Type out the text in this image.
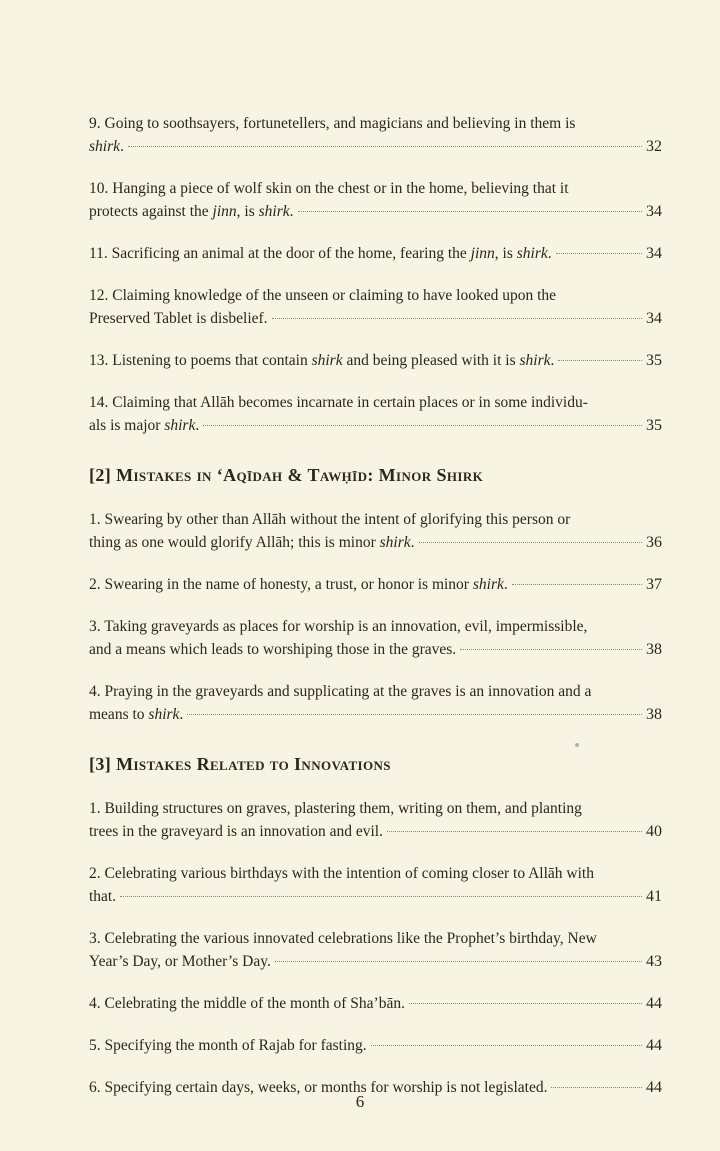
9. Going to soothsayers, fortunetellers, and magicians and believing in them is
shirk.	32
10. Hanging a piece of wolf skin on the chest or in the home, believing that it
protects against the jinn, is shirk.	34
11. Sacrificing an animal at the door of the home, fearing the jinn, is shirk.	34
12. Claiming knowledge of the unseen or claiming to have looked upon the
Preserved Tablet is disbelief.	34
13. Listening to poems that contain shirk and being pleased with it is shirk.	35
14. Claiming that Allāh becomes incarnate in certain places or in some individu-
als is major shirk.	35
[2] Mistakes in ‘Aqīdah & Tawḥīd: Minor Shirk
1. Swearing by other than Allāh without the intent of glorifying this person or
thing as one would glorify Allāh; this is minor shirk.	36
2. Swearing in the name of honesty, a trust, or honor is minor shirk.	37
3. Taking graveyards as places for worship is an innovation, evil, impermissible,
and a means which leads to worshiping those in the graves.	38
4. Praying in the graveyards and supplicating at the graves is an innovation and a
means to shirk.	38
[3] Mistakes Related to Innovations
1. Building structures on graves, plastering them, writing on them, and planting
trees in the graveyard is an innovation and evil.	40
2. Celebrating various birthdays with the intention of coming closer to Allāh with
that.	41
3. Celebrating the various innovated celebrations like the Prophet’s birthday, New
Year’s Day, or Mother’s Day.	43
4. Celebrating the middle of the month of Sha’bān.	44
5. Specifying the month of Rajab for fasting.	44
6. Specifying certain days, weeks, or months for worship is not legislated.	44
6
